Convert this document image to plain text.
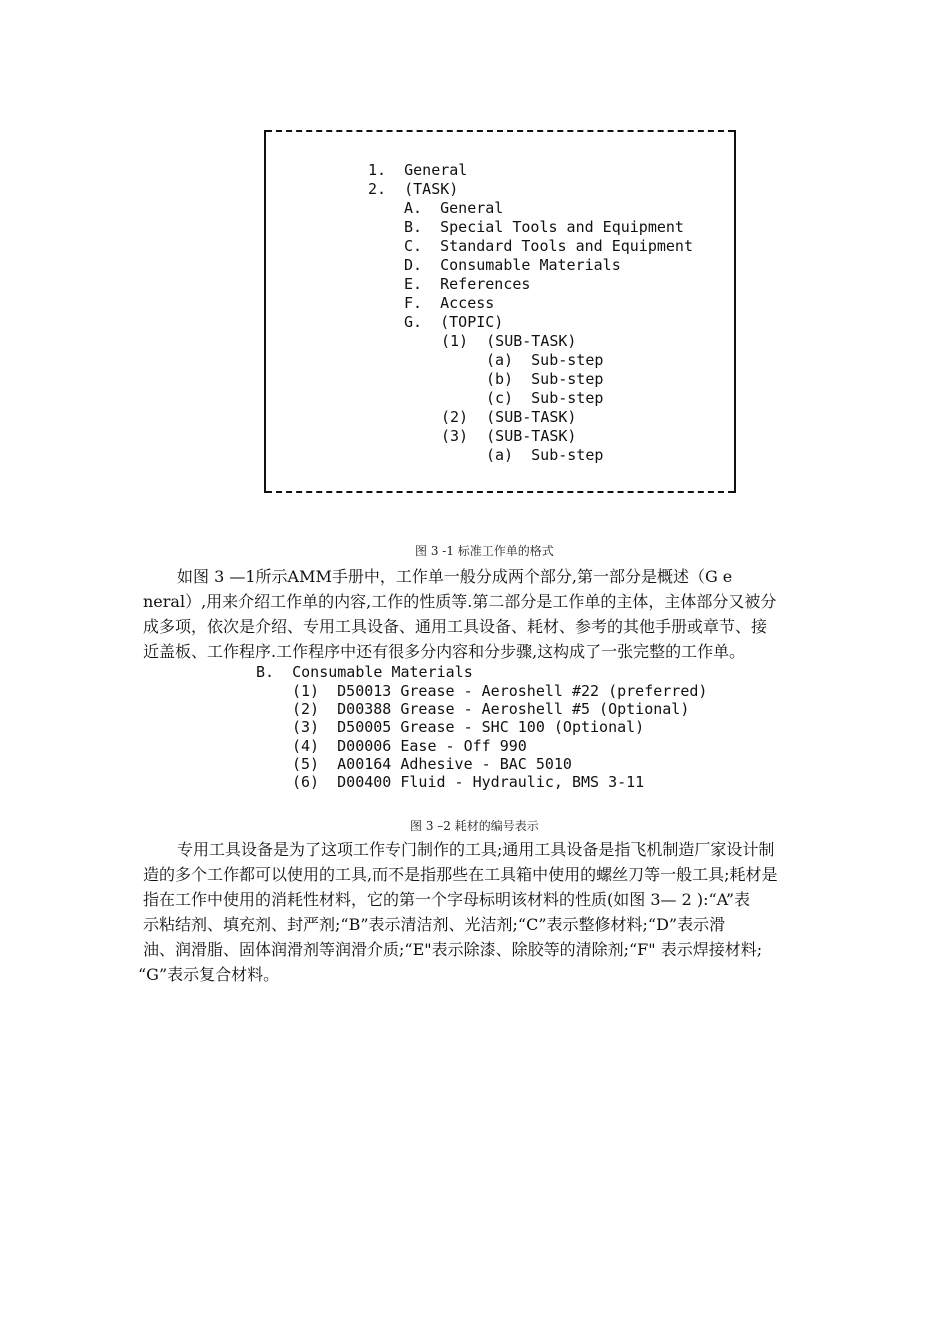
1.  General
2.  (TASK)
A.  General
B.  Special Tools and Equipment
C.  Standard Tools and Equipment
D.  Consumable Materials
E.  References
F.  Access
G.  (TOPIC)
(1)  (SUB-TASK)
(a)  Sub-step
(b)  Sub-step
(c)  Sub-step
(2)  (SUB-TASK)
(3)  (SUB-TASK)
(a)  Sub-step
图 3 -1 标准工作单的格式
如图 3 —1所示AMM手册中，工作单一般分成两个部分,第一部分是概述（G e
neral）,用来介绍工作单的内容,工作的性质等.第二部分是工作单的主体，主体部分又被分
成多项，依次是介绍、专用工具设备、通用工具设备、耗材、参考的其他手册或章节、接
近盖板、工作程序.工作程序中还有很多分内容和分步骤,这构成了一张完整的工作单。
B.  Consumable Materials
(1)  D50013 Grease - Aeroshell #22 (preferred)
(2)  D00388 Grease - Aeroshell #5 (Optional)
(3)  D50005 Grease - SHC 100 (Optional)
(4)  D00006 Ease - Off 990
(5)  A00164 Adhesive - BAC 5010
(6)  D00400 Fluid - Hydraulic, BMS 3-11
图 3 –2 耗材的编号表示
专用工具设备是为了这项工作专门制作的工具;通用工具设备是指飞机制造厂家设计制
造的多个工作都可以使用的工具,而不是指那些在工具箱中使用的螺丝刀等一般工具;耗材是
指在工作中使用的消耗性材料，它的第一个字母标明该材料的性质(如图 3— 2 ):“A”表
示粘结剂、填充剂、封严剂;“B”表示清洁剂、光洁剂;“C”表示整修材料;“D”表示滑
油、润滑脂、固体润滑剂等润滑介质;“E"表示除漆、除胶等的清除剂;“F" 表示焊接材料;
“G”表示复合材料。
